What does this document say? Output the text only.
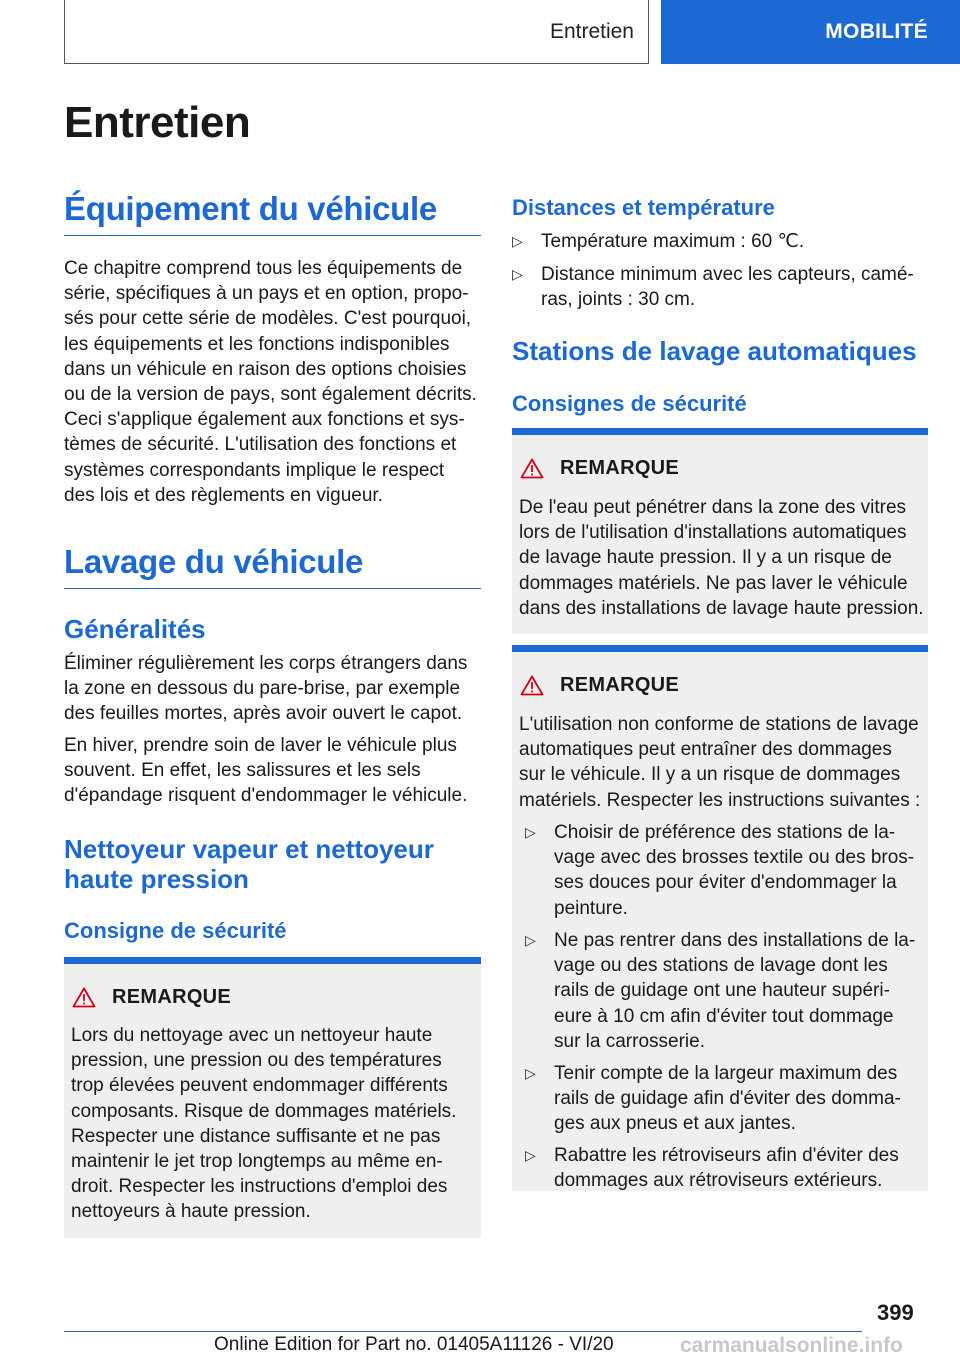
Entretien	MOBILITÉ
Entretien
Équipement du véhicule

Ce chapitre comprend tous les équipements de
série, spécifiques à un pays et en option, propo-
sés pour cette série de modèles. C'est pourquoi,
les équipements et les fonctions indisponibles
dans un véhicule en raison des options choisies
ou de la version de pays, sont également décrits.
Ceci s'applique également aux fonctions et sys-
tèmes de sécurité. L'utilisation des fonctions et
systèmes correspondants implique le respect
des lois et des règlements en vigueur.

Lavage du véhicule
Généralités

Éliminer régulièrement les corps étrangers dans
la zone en dessous du pare-brise, par exemple
des feuilles mortes, après avoir ouvert le capot.

En hiver, prendre soin de laver le véhicule plus
souvent. En effet, les salissures et les sels
d'épandage risquent d'endommager le véhicule.

Nettoyeur vapeur et nettoyeur
haute pression
Consigne de sécurité
REMARQUE

Lors du nettoyage avec un nettoyeur haute
pression, une pression ou des températures
trop élevées peuvent endommager différents
composants. Risque de dommages matériels.
Respecter une distance suffisante et ne pas
maintenir le jet trop longtemps au même en-
droit. Respecter les instructions d'emploi des
nettoyeurs à haute pression.

Distances et température
▷ Température maximum : 60 ℃.
▷ Distance minimum avec les capteurs, camé-
ras, joints : 30 cm.
Stations de lavage automatiques
Consignes de sécurité
REMARQUE

De l'eau peut pénétrer dans la zone des vitres
lors de l'utilisation d'installations automatiques
de lavage haute pression. Il y a un risque de
dommages matériels. Ne pas laver le véhicule
dans des installations de lavage haute pression.

REMARQUE

L'utilisation non conforme de stations de lavage
automatiques peut entraîner des dommages
sur le véhicule. Il y a un risque de dommages
matériels. Respecter les instructions suivantes :

▷ Choisir de préférence des stations de la-
vage avec des brosses textile ou des bros-
ses douces pour éviter d'endommager la
peinture.
▷ Ne pas rentrer dans des installations de la-
vage ou des stations de lavage dont les
rails de guidage ont une hauteur supéri-
eure à 10 cm afin d'éviter tout dommage
sur la carrosserie.
▷ Tenir compte de la largeur maximum des
rails de guidage afin d'éviter des domma-
ges aux pneus et aux jantes.
▷ Rabattre les rétroviseurs afin d'éviter des
dommages aux rétroviseurs extérieurs.
399
Online Edition for Part no. 01405A11126 - VI/20	carmanualsonline.info
